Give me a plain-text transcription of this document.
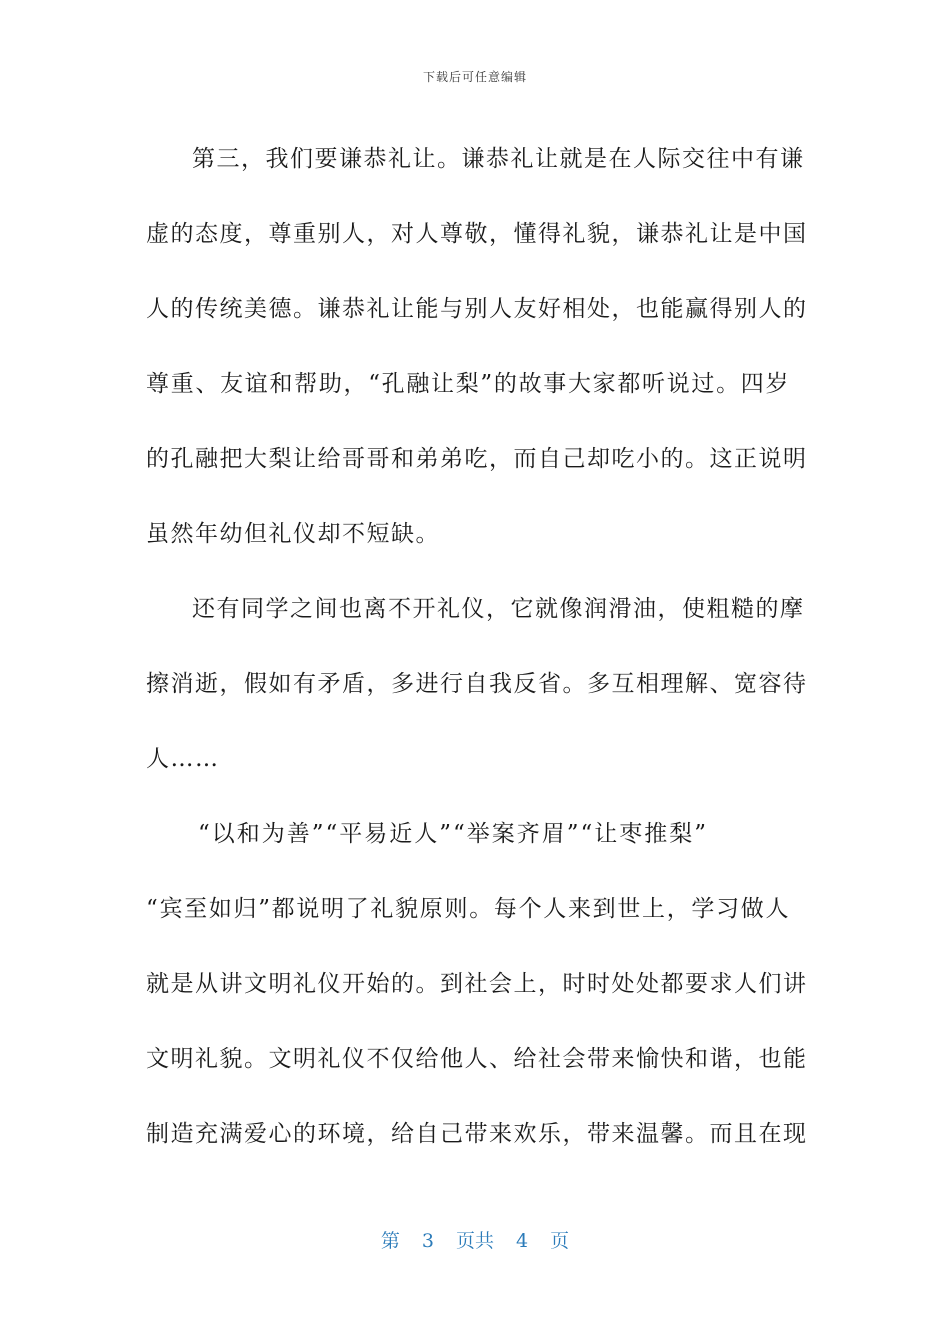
下载后可任意编辑

第三，我们要谦恭礼让。谦恭礼让就是在人际交往中有谦
虚的态度，尊重别人，对人尊敬，懂得礼貌，谦恭礼让是中国
人的传统美德。谦恭礼让能与别人友好相处，也能赢得别人的
尊重、友谊和帮助，“孔融让梨”的故事大家都听说过。四岁
的孔融把大梨让给哥哥和弟弟吃，而自己却吃小的。这正说明
虽然年幼但礼仪却不短缺。

还有同学之间也离不开礼仪，它就像润滑油，使粗糙的摩
擦消逝，假如有矛盾，多进行自我反省。多互相理解、宽容待
人……

“以和为善”“平易近人”“举案齐眉”“让枣推梨”
“宾至如归”都说明了礼貌原则。每个人来到世上，学习做人
就是从讲文明礼仪开始的。到社会上，时时处处都要求人们讲
文明礼貌。文明礼仪不仅给他人、给社会带来愉快和谐，也能
制造充满爱心的环境，给自己带来欢乐，带来温馨。而且在现

第 3 页共 4 页
